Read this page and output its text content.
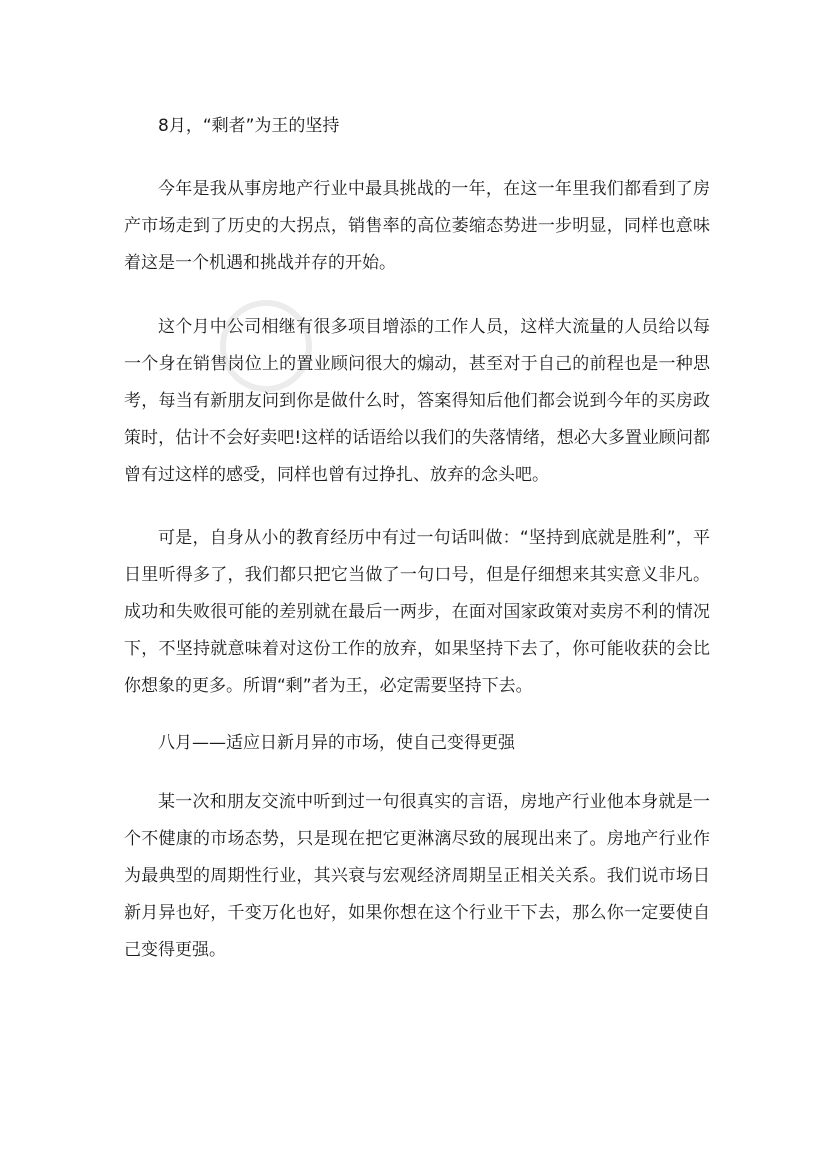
8月，“剩者”为王的坚持

今年是我从事房地产行业中最具挑战的一年，在这一年里我们都看到了房产市场走到了历史的大拐点，销售率的高位萎缩态势进一步明显，同样也意味着这是一个机遇和挑战并存的开始。

这个月中公司相继有很多项目增添的工作人员，这样大流量的人员给以每一个身在销售岗位上的置业顾问很大的煽动，甚至对于自己的前程也是一种思考，每当有新朋友问到你是做什么时，答案得知后他们都会说到今年的买房政策时，估计不会好卖吧!这样的话语给以我们的失落情绪，想必大多置业顾问都曾有过这样的感受，同样也曾有过挣扎、放弃的念头吧。

可是，自身从小的教育经历中有过一句话叫做：“坚持到底就是胜利”，平日里听得多了，我们都只把它当做了一句口号，但是仔细想来其实意义非凡。成功和失败很可能的差别就在最后一两步，在面对国家政策对卖房不利的情况下，不坚持就意味着对这份工作的放弃，如果坚持下去了，你可能收获的会比你想象的更多。所谓“剩”者为王，必定需要坚持下去。

八月——适应日新月异的市场，使自己变得更强

某一次和朋友交流中听到过一句很真实的言语，房地产行业他本身就是一个不健康的市场态势，只是现在把它更淋漓尽致的展现出来了。房地产行业作为最典型的周期性行业，其兴衰与宏观经济周期呈正相关关系。我们说市场日新月异也好，千变万化也好，如果你想在这个行业干下去，那么你一定要使自己变得更强。
